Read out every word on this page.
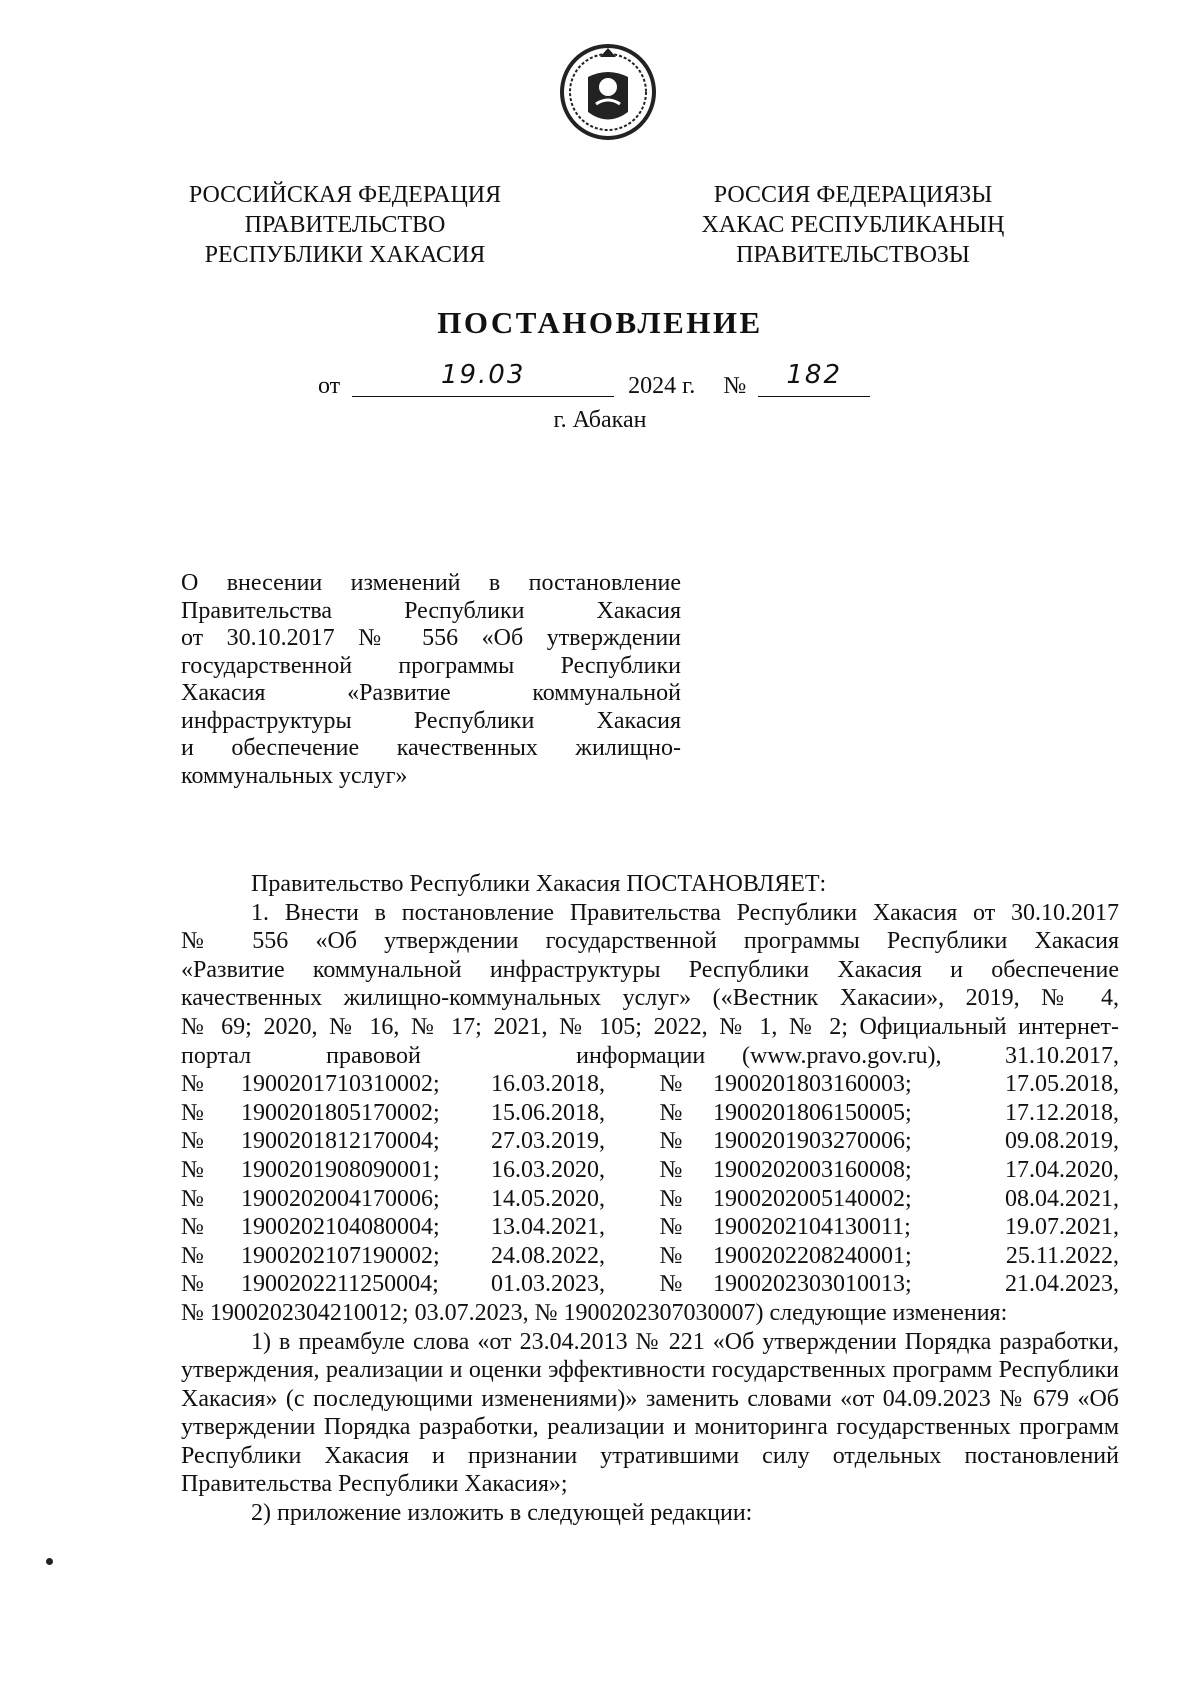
РОССИЙСКАЯ ФЕДЕРАЦИЯ
ПРАВИТЕЛЬСТВО
РЕСПУБЛИКИ ХАКАСИЯ
РОССИЯ ФЕДЕРАЦИЯЗЫ
ХАКАС РЕСПУБЛИКАНЫҢ
ПРАВИТЕЛЬСТВОЗЫ
ПОСТАНОВЛЕНИЕ
от	19.03	2024 г. № 182
г. Абакан
О внесении изменений в постановление
Правительства Республики Хакасия
от 30.10.2017 № 556 «Об утверждении
государственной программы Республики
Хакасия «Развитие коммунальной
инфраструктуры Республики Хакасия
и обеспечение качественных жилищно-
коммунальных услуг»
Правительство Республики Хакасия ПОСТАНОВЛЯЕТ:
1. Внести в постановление Правительства Республики Хакасия от 30.10.2017
№ 556 «Об утверждении государственной программы Республики Хакасия
«Развитие коммунальной инфраструктуры Республики Хакасия и обеспечение
качественных жилищно-коммунальных услуг» («Вестник Хакасии», 2019, № 4,
№ 69; 2020, № 16, № 17; 2021, № 105; 2022, № 1, № 2; Официальный интернет-
портал	правовой	информации	(www.pravo.gov.ru),	31.10.2017,
№	1900201710310002;	16.03.2018,	№	1900201803160003;	17.05.2018,
№	1900201805170002;	15.06.2018,	№	1900201806150005;	17.12.2018,
№	1900201812170004;	27.03.2019,	№	1900201903270006;	09.08.2019,
№	1900201908090001;	16.03.2020,	№	1900202003160008;	17.04.2020,
№	1900202004170006;	14.05.2020,	№	1900202005140002;	08.04.2021,
№	1900202104080004;	13.04.2021,	№	1900202104130011;	19.07.2021,
№	1900202107190002;	24.08.2022,	№	1900202208240001;	25.11.2022,
№	1900202211250004;	01.03.2023,	№	1900202303010013;	21.04.2023,
№ 1900202304210012; 03.07.2023, № 1900202307030007) следующие изменения:
1) в преамбуле слова «от 23.04.2013 № 221 «Об утверждении Порядка разработки, утверждения, реализации и оценки эффективности государственных программ Республики Хакасия» (с последующими изменениями)» заменить словами «от 04.09.2023 № 679 «Об утверждении Порядка разработки, реализации и мониторинга государственных программ Республики Хакасия и признании утратившими силу отдельных постановлений Правительства Республики Хакасия»;
2) приложение изложить в следующей редакции:
